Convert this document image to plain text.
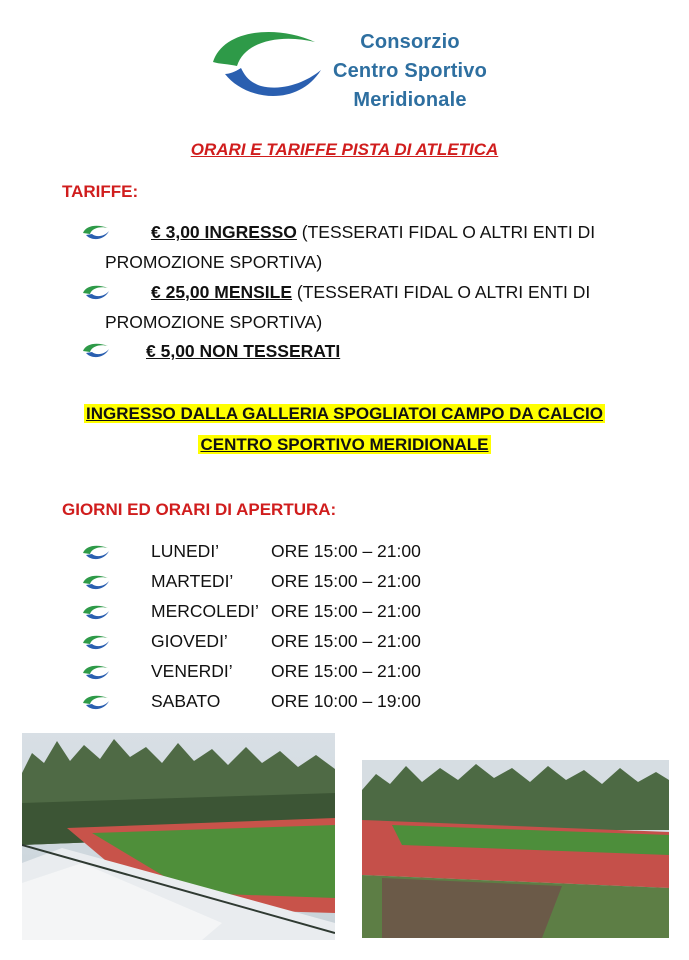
Consorzio
Centro Sportivo
Meridionale
ORARI E TARIFFE PISTA DI ATLETICA
TARIFFE:
€ 3,00 INGRESSO (TESSERATI FIDAL O ALTRI ENTI DI
PROMOZIONE SPORTIVA)
€ 25,00 MENSILE (TESSERATI FIDAL O ALTRI ENTI DI
PROMOZIONE SPORTIVA)
€ 5,00 NON TESSERATI
INGRESSO DALLA GALLERIA SPOGLIATOI CAMPO DA CALCIO
CENTRO SPORTIVO MERIDIONALE
GIORNI ED ORARI DI APERTURA:
LUNEDI’	ORE 15:00 – 21:00
MARTEDI’ ORE 15:00 – 21:00
MERCOLEDI’ ORE 15:00 – 21:00
GIOVEDI’ ORE 15:00 – 21:00
VENERDI’ ORE 15:00 – 21:00
SABATO	ORE 10:00 – 19:00
